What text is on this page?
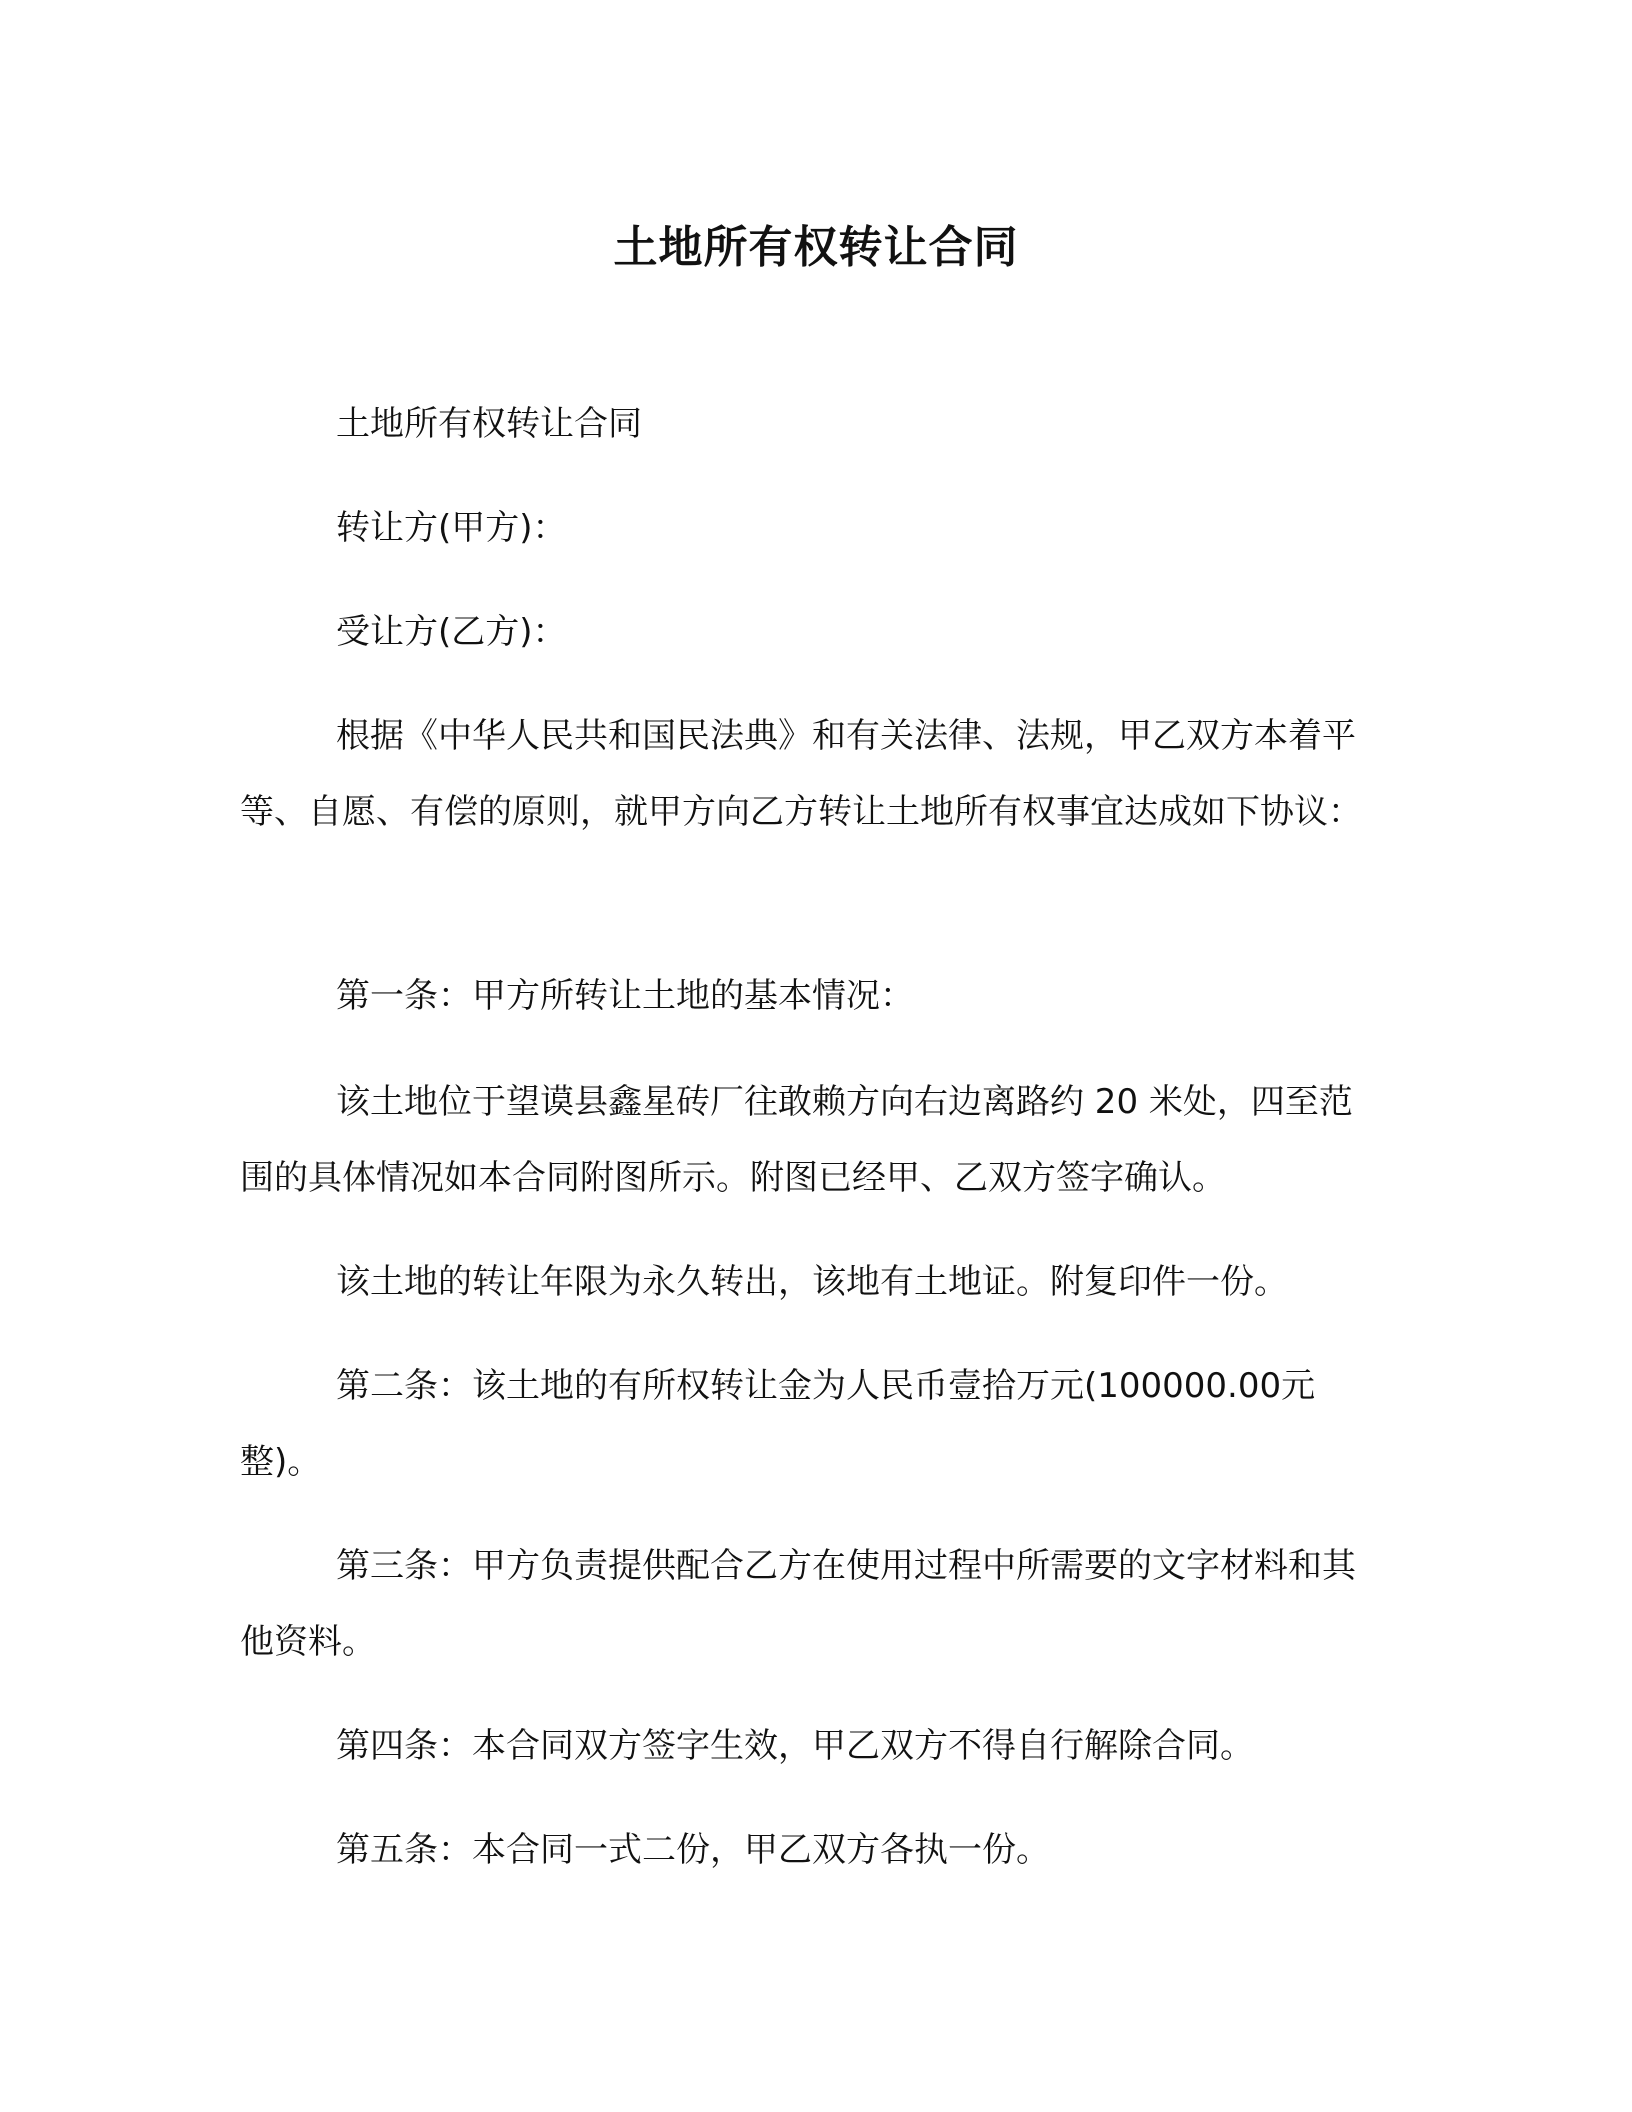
土地所有权转让合同

土地所有权转让合同

转让方(甲方)：

受让方(乙方)：

根据《中华人民共和国民法典》和有关法律、法规，甲乙双方本着平等、自愿、有偿的原则，就甲方向乙方转让土地所有权事宜达成如下协议：

第一条：甲方所转让土地的基本情况：

该土地位于望谟县鑫星砖厂往敢赖方向右边离路约 20 米处，四至范围的具体情况如本合同附图所示。附图已经甲、乙双方签字确认。

该土地的转让年限为永久转出，该地有土地证。附复印件一份。

第二条：该土地的有所权转让金为人民币壹拾万元(100000.00元整)。

第三条：甲方负责提供配合乙方在使用过程中所需要的文字材料和其他资料。

第四条：本合同双方签字生效，甲乙双方不得自行解除合同。

第五条：本合同一式二份，甲乙双方各执一份。
